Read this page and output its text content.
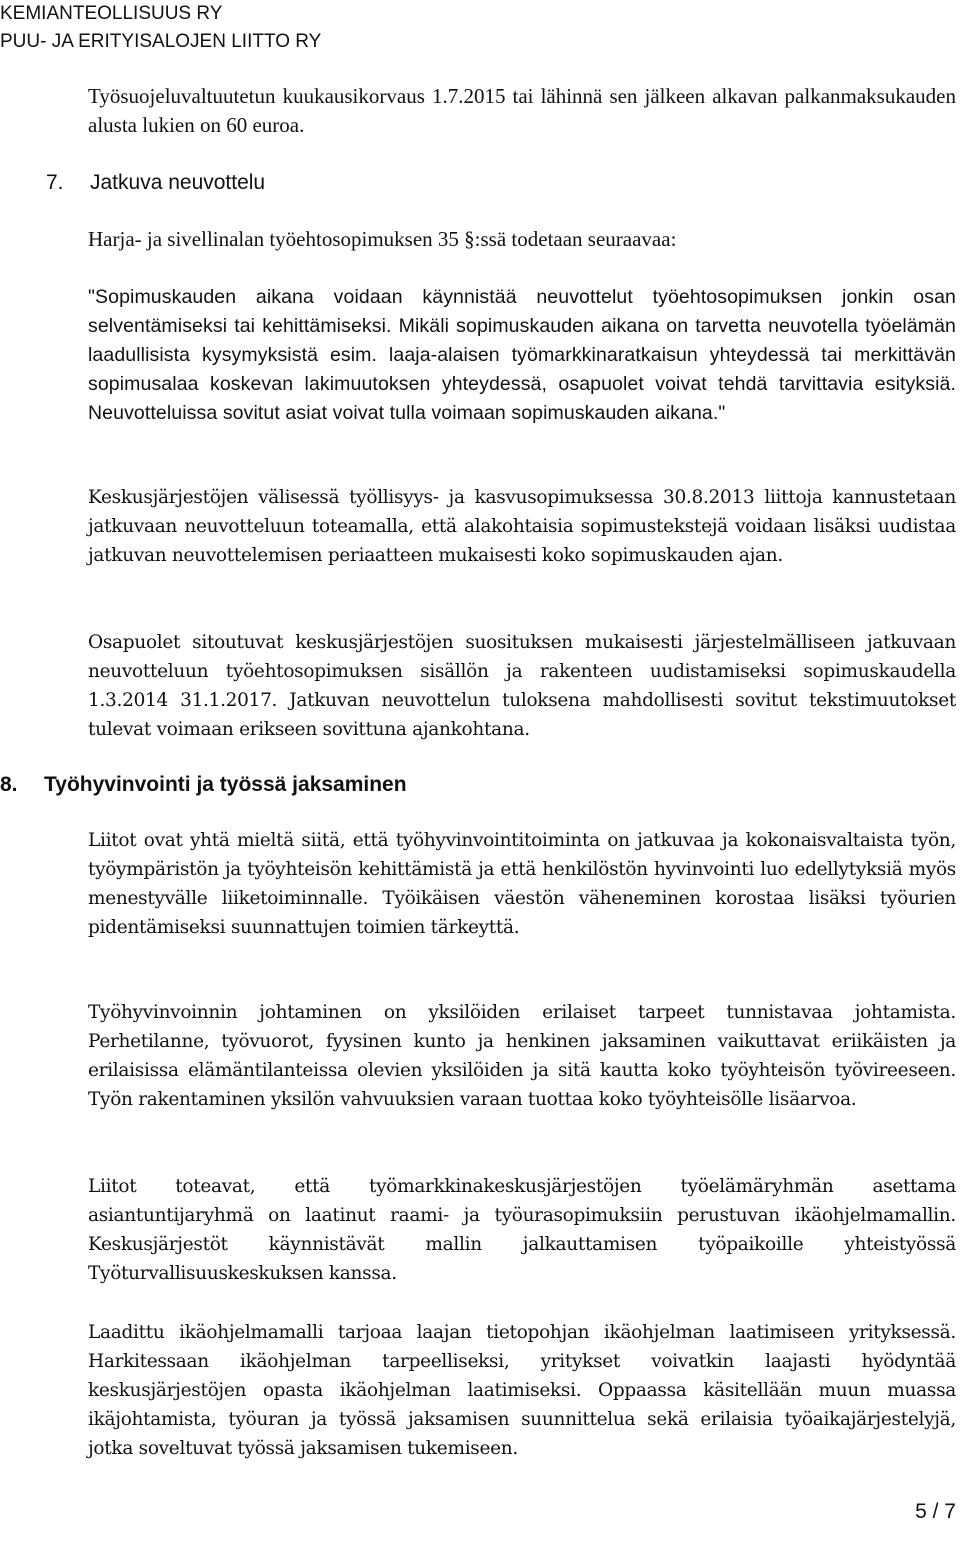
KEMIANTEOLLISUUS RY
PUU- JA ERITYISALOJEN LIITTO RY

Työsuojeluvaltuutetun kuukausikorvaus 1.7.2015 tai lähinnä sen jälkeen alkavan palkanmaksukauden alusta lukien on 60 euroa.

7. Jatkuva neuvottelu

Harja- ja sivellinalan työehtosopimuksen 35 §:ssä todetaan seuraavaa:

"Sopimuskauden aikana voidaan käynnistää neuvottelut työehtosopimuksen jonkin osan selventämiseksi tai kehittämiseksi. Mikäli sopimuskauden aikana on tarvetta neuvotella työelämän laadullisista kysymyksistä esim. laaja-alaisen työmarkkinaratkaisun yhteydessä tai merkittävän sopimusalaa koskevan lakimuutoksen yhteydessä, osapuolet voivat tehdä tarvittavia esityksiä. Neuvotteluissa sovitut asiat voivat tulla voimaan sopimuskauden aikana."

Keskusjärjestöjen välisessä työllisyys- ja kasvusopimuksessa 30.8.2013 liittoja kannustetaan jatkuvaan neuvotteluun toteamalla, että alakohtaisia sopimustekstejä voidaan lisäksi uudistaa jatkuvan neuvottelemisen periaatteen mukaisesti koko sopimuskauden ajan.

Osapuolet sitoutuvat keskusjärjestöjen suosituksen mukaisesti järjestelmälliseen jatkuvaan neuvotteluun työehtosopimuksen sisällön ja rakenteen uudistamiseksi sopimuskaudella 1.3.2014 31.1.2017. Jatkuvan neuvottelun tuloksena mahdollisesti sovitut tekstimuutokset tulevat voimaan erikseen sovittuna ajankohtana.

8. Työhyvinvointi ja työssä jaksaminen

Liitot ovat yhtä mieltä siitä, että työhyvinvointitoiminta on jatkuvaa ja kokonaisvaltaista työn, työympäristön ja työyhteisön kehittämistä ja että henkilöstön hyvinvointi luo edellytyksiä myös menestyvälle liiketoiminnalle. Työikäisen väestön väheneminen korostaa lisäksi työurien pidentämiseksi suunnattujen toimien tärkeyttä.

Työhyvinvoinnin johtaminen on yksilöiden erilaiset tarpeet tunnistavaa johtamista. Perhetilanne, työvuorot, fyysinen kunto ja henkinen jaksaminen vaikuttavat eriikäisten ja erilaisissa elämäntilanteissa olevien yksilöiden ja sitä kautta koko työyhteisön työvireeseen. Työn rakentaminen yksilön vahvuuksien varaan tuottaa koko työyhteisölle lisäarvoa.

Liitot toteavat, että työmarkkinakeskusjärjestöjen työelämäryhmän asettama asiantuntijaryhmä on laatinut raami- ja työurasopimuksiin perustuvan ikäohjelmamallin. Keskusjärjestöt käynnistävät mallin jalkauttamisen työpaikoille yhteistyössä Työturvallisuuskeskuksen kanssa.

Laadittu ikäohjelmamalli tarjoaa laajan tietopohjan ikäohjelman laatimiseen yrityksessä. Harkitessaan ikäohjelman tarpeelliseksi, yritykset voivatkin laajasti hyödyntää keskusjärjestöjen opasta ikäohjelman laatimiseksi. Oppaassa käsitellään muun muassa ikäjohtamista, työuran ja työssä jaksamisen suunnittelua sekä erilaisia työaikajärjestelyjä, jotka soveltuvat työssä jaksamisen tukemiseen.

5 / 7
